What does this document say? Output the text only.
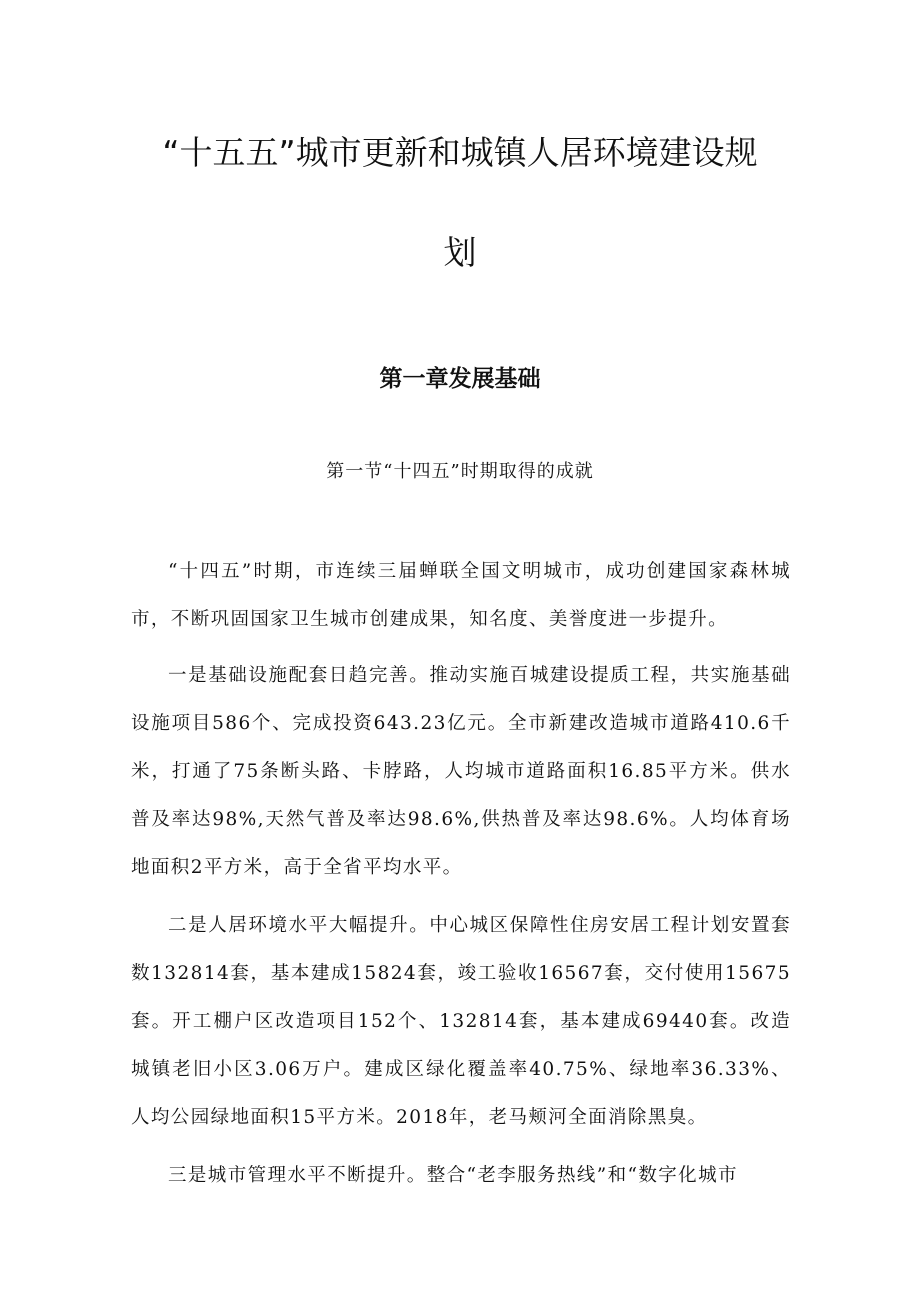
“十五五”城市更新和城镇人居环境建设规
划
第一章发展基础
第一节“十四五”时期取得的成就

“十四五”时期，市连续三届蝉联全国文明城市，成功创建国家森林城市，不断巩固国家卫生城市创建成果，知名度、美誉度进一步提升。

一是基础设施配套日趋完善。推动实施百城建设提质工程，共实施基础设施项目586个、完成投资643.23亿元。全市新建改造城市道路410.6千米，打通了75条断头路、卡脖路，人均城市道路面积16.85平方米。供水普及率达98%,天然气普及率达98.6%,供热普及率达98.6%。人均体育场地面积2平方米，高于全省平均水平。

二是人居环境水平大幅提升。中心城区保障性住房安居工程计划安置套数132814套，基本建成15824套，竣工验收16567套，交付使用15675套。开工棚户区改造项目152个、132814套，基本建成69440套。改造城镇老旧小区3.06万户。建成区绿化覆盖率40.75%、绿地率36.33%、人均公园绿地面积15平方米。2018年，老马颊河全面消除黑臭。

三是城市管理水平不断提升。整合“老李服务热线”和“数字化城市
